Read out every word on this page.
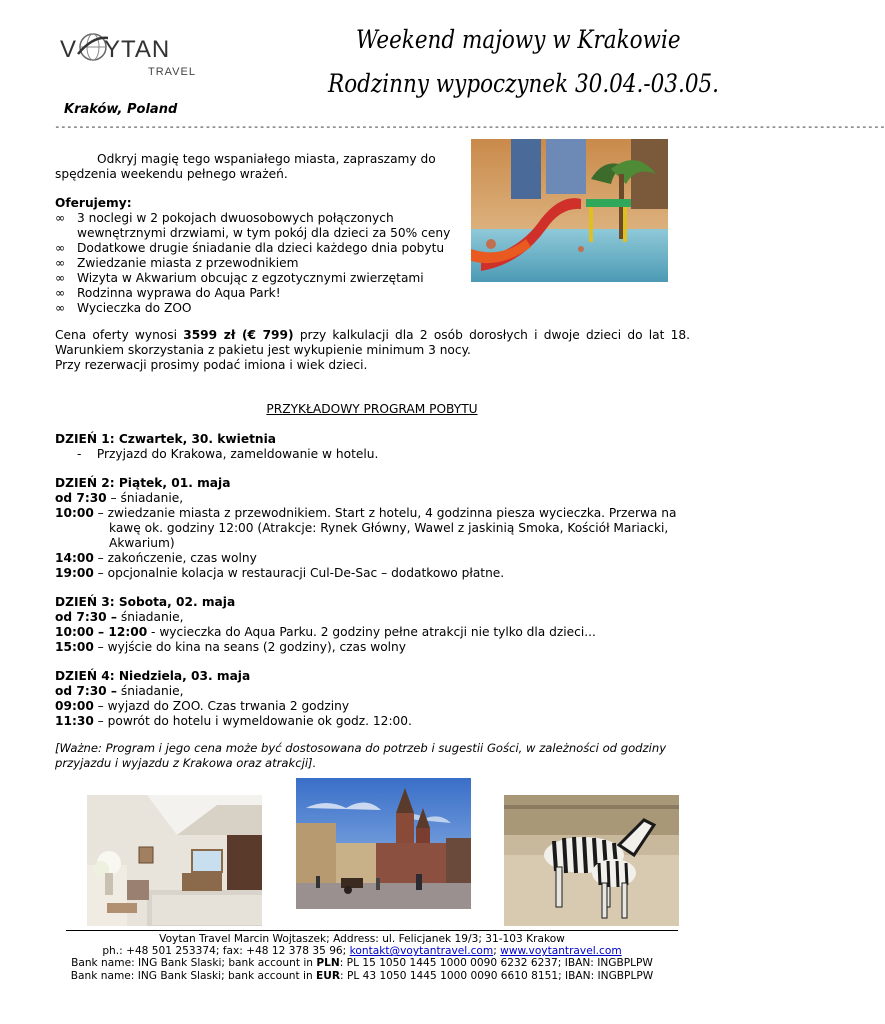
V YTAN
TRAVEL
Weekend majowy w Krakowie
Rodzinny wypoczynek 30.04.-03.05.
Kraków, Poland
------------------------------------------------------------------------------------------------------------------------------------------

Odkryj magię tego wspaniałego miasta, zapraszamy do spędzenia weekendu pełnego wrażeń.

Oferujemy:

∞ 3 noclegi w 2 pokojach dwuosobowych połączonych wewnętrznymi drzwiami, w tym pokój dla dzieci za 50% ceny
∞ Dodatkowe drugie śniadanie dla dzieci każdego dnia pobytu
∞ Zwiedzanie miasta z przewodnikiem
∞ Wizyta w Akwarium obcując z egzotycznymi zwierzętami
∞ Rodzinna wyprawa do Aqua Park!
∞ Wycieczka do ZOO

Cena oferty wynosi 3599 zł (€ 799) przy kalkulacji dla 2 osób dorosłych i dwoje dzieci do lat 18.

Warunkiem skorzystania z pakietu jest wykupienie minimum 3 nocy.

Przy rezerwacji prosimy podać imiona i wiek dzieci.

PRZYKŁADOWY PROGRAM POBYTU

DZIEŃ 1: Czwartek, 30. kwietnia

-    Przyjazd do Krakowa, zameldowanie w hotelu.

DZIEŃ 2: Piątek, 01. maja

od 7:30 – śniadanie,

10:00 – zwiedzanie miasta z przewodnikiem. Start z hotelu, 4 godzinna piesza wycieczka. Przerwa na

kawę ok. godziny 12:00 (Atrakcje: Rynek Główny, Wawel z jaskinią Smoka, Kościół Mariacki,

Akwarium)

14:00 – zakończenie, czas wolny

19:00 – opcjonalnie kolacja w restauracji Cul-De-Sac – dodatkowo płatne.

DZIEŃ 3: Sobota, 02. maja

od 7:30 – śniadanie,

10:00 – 12:00 - wycieczka do Aqua Parku. 2 godziny pełne atrakcji nie tylko dla dzieci...

15:00 – wyjście do kina na seans (2 godziny), czas wolny

DZIEŃ 4: Niedziela, 03. maja

od 7:30 – śniadanie,

09:00 – wyjazd do ZOO. Czas trwania 2 godziny

11:30 – powrót do hotelu i wymeldowanie ok godz. 12:00.

[Ważne: Program i jego cena może być dostosowana do potrzeb i sugestii Gości, w zależności od godziny

przyjazdu i wyjazdu z Krakowa oraz atrakcji].

Voytan Travel Marcin Wojtaszek; Address: ul. Felicjanek 19/3; 31-103 Krakow
ph.: +48 501 253374; fax: +48 12 378 35 96; kontakt@voytantravel.com; www.voytantravel.com
Bank name: ING Bank Slaski; bank account in PLN: PL 15 1050 1445 1000 0090 6232 6237; IBAN: INGBPLPW
Bank name: ING Bank Slaski; bank account in EUR: PL 43 1050 1445 1000 0090 6610 8151; IBAN: INGBPLPW
